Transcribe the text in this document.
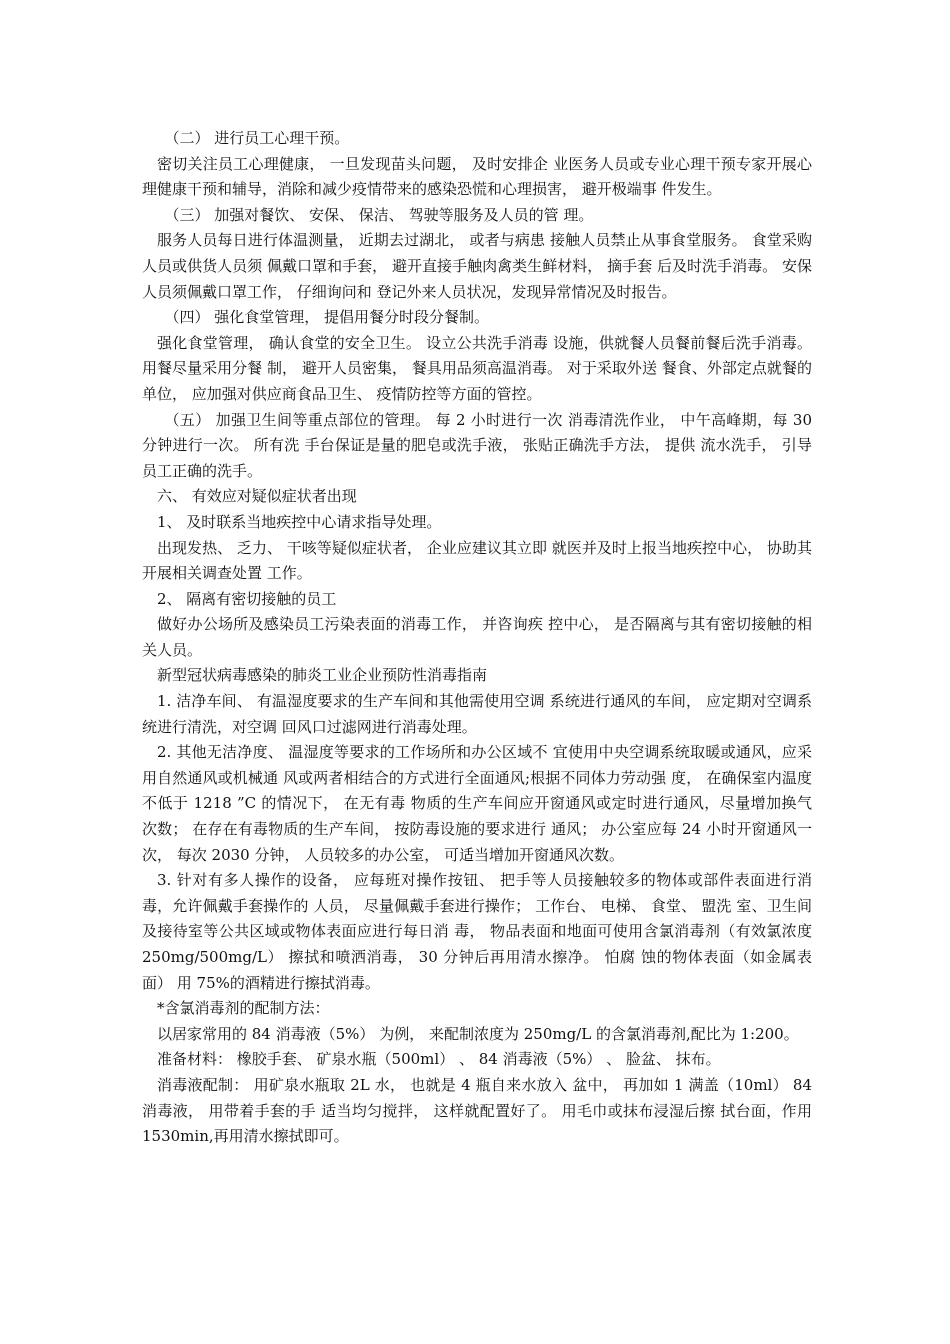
（二） 进行员工心理干预。

密切关注员工心理健康， 一旦发现苗头问题， 及时安排企 业医务人员或专业心理干预专家开展心理健康干预和辅导，消除和减少疫情带来的感染恐慌和心理损害， 避开极端事 件发生。

（三） 加强对餐饮、 安保、 保洁、 驾驶等服务及人员的管 理。

服务人员每日进行体温测量， 近期去过湖北， 或者与病患 接触人员禁止从事食堂服务。 食堂采购人员或供货人员须 佩戴口罩和手套， 避开直接手触肉禽类生鲜材料， 摘手套 后及时洗手消毒。 安保人员须佩戴口罩工作， 仔细询问和 登记外来人员状况，发现异常情况及时报告。

（四） 强化食堂管理， 提倡用餐分时段分餐制。

强化食堂管理， 确认食堂的安全卫生。 设立公共洗手消毒 设施，供就餐人员餐前餐后洗手消毒。 用餐尽量采用分餐 制， 避开人员密集， 餐具用品须高温消毒。 对于采取外送 餐食、外部定点就餐的单位， 应加强对供应商食品卫生、 疫情防控等方面的管控。

（五） 加强卫生间等重点部位的管理。 每 2 小时进行一次 消毒清洗作业， 中午高峰期，每 30 分钟进行一次。 所有洗 手台保证是量的肥皂或洗手液， 张贴正确洗手方法， 提供 流水洗手， 引导员工正确的洗手。

六、 有效应对疑似症状者出现

1、 及时联系当地疾控中心请求指导处理。

出现发热、 乏力、 干咳等疑似症状者， 企业应建议其立即 就医并及时上报当地疾控中心， 协助其开展相关调查处置 工作。

2、 隔离有密切接触的员工

做好办公场所及感染员工污染表面的消毒工作， 并咨询疾 控中心， 是否隔离与其有密切接触的相关人员。

新型冠状病毒感染的肺炎工业企业预防性消毒指南

1. 洁净车间、 有温湿度要求的生产车间和其他需使用空调 系统进行通风的车间， 应定期对空调系统进行清洗，对空调 回风口过滤网进行消毒处理。

2. 其他无洁净度、 温湿度等要求的工作场所和办公区域不 宜使用中央空调系统取暖或通风，应采用自然通风或机械通 风或两者相结合的方式进行全面通风;根据不同体力劳动强 度， 在确保室内温度不低于 1218 ”C 的情况下， 在无有毒 物质的生产车间应开窗通风或定时进行通风，尽量增加换气 次数； 在存在有毒物质的生产车间， 按防毒设施的要求进行 通风； 办公室应每 24 小时开窗通风一次， 每次 2030 分钟， 人员较多的办公室， 可适当增加开窗通风次数。

3. 针对有多人操作的设备， 应每班对操作按钮、 把手等人员接触较多的物体或部件表面进行消毒，允许佩戴手套操作的 人员， 尽量佩戴手套进行操作； 工作台、 电梯、 食堂、 盟洗 室、卫生间及接待室等公共区域或物体表面应进行每日消 毒， 物品表面和地面可使用含氯消毒剂（有效氯浓度 250mg/500mg/L） 擦拭和喷洒消毒， 30 分钟后再用清水擦净。 怕腐 蚀的物体表面（如金属表面） 用 75%的酒精进行擦拭消毒。

*含氯消毒剂的配制方法：

以居家常用的 84 消毒液（5%） 为例， 来配制浓度为 250mg/L 的含氯消毒剂,配比为 1:200。

准备材料： 橡胶手套、 矿泉水瓶（500ml） 、 84 消毒液（5%） 、 脸盆、 抹布。

消毒液配制： 用矿泉水瓶取 2L 水， 也就是 4 瓶自来水放入 盆中， 再加如 1 满盖（10ml） 84 消毒液， 用带着手套的手 适当均匀搅拌， 这样就配置好了。 用毛巾或抹布浸湿后擦 拭台面，作用 1530min,再用清水擦拭即可。
